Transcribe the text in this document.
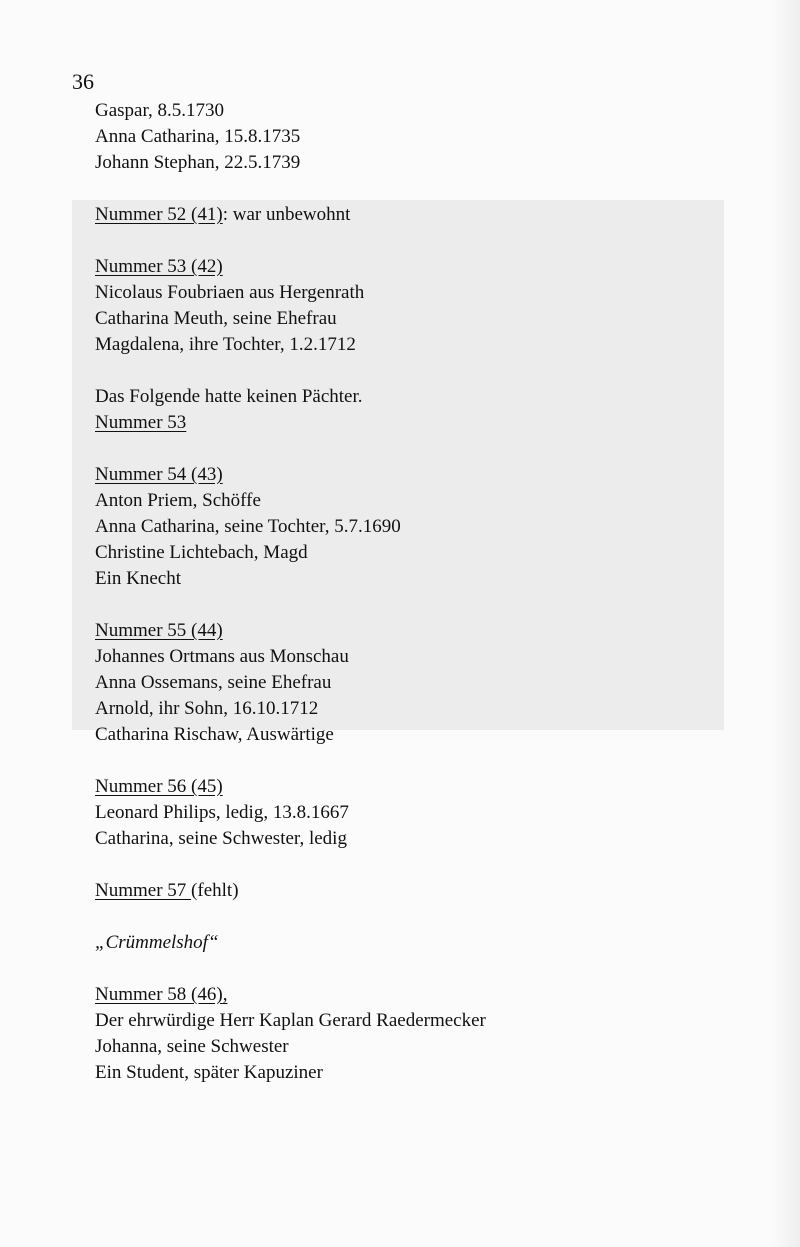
36
Gaspar, 8.5.1730
Anna Catharina, 15.8.1735
Johann Stephan, 22.5.1739
Nummer 52 (41): war unbewohnt
Nummer 53 (42)
Nicolaus Foubriaen aus Hergenrath
Catharina Meuth, seine Ehefrau
Magdalena, ihre Tochter, 1.2.1712
Das Folgende hatte keinen Pächter.
Nummer 53
Nummer 54 (43)
Anton Priem, Schöffe
Anna Catharina, seine Tochter, 5.7.1690
Christine Lichtebach, Magd
Ein Knecht
Nummer 55 (44)
Johannes Ortmans aus Monschau
Anna Ossemans, seine Ehefrau
Arnold, ihr Sohn, 16.10.1712
Catharina Rischaw, Auswärtige
Nummer 56 (45)
Leonard Philips, ledig, 13.8.1667
Catharina, seine Schwester, ledig
Nummer 57 (fehlt)
„Crümmelshof“
Nummer 58 (46),
Der ehrwürdige Herr Kaplan Gerard Raedermecker
Johanna, seine Schwester
Ein Student, später Kapuziner
